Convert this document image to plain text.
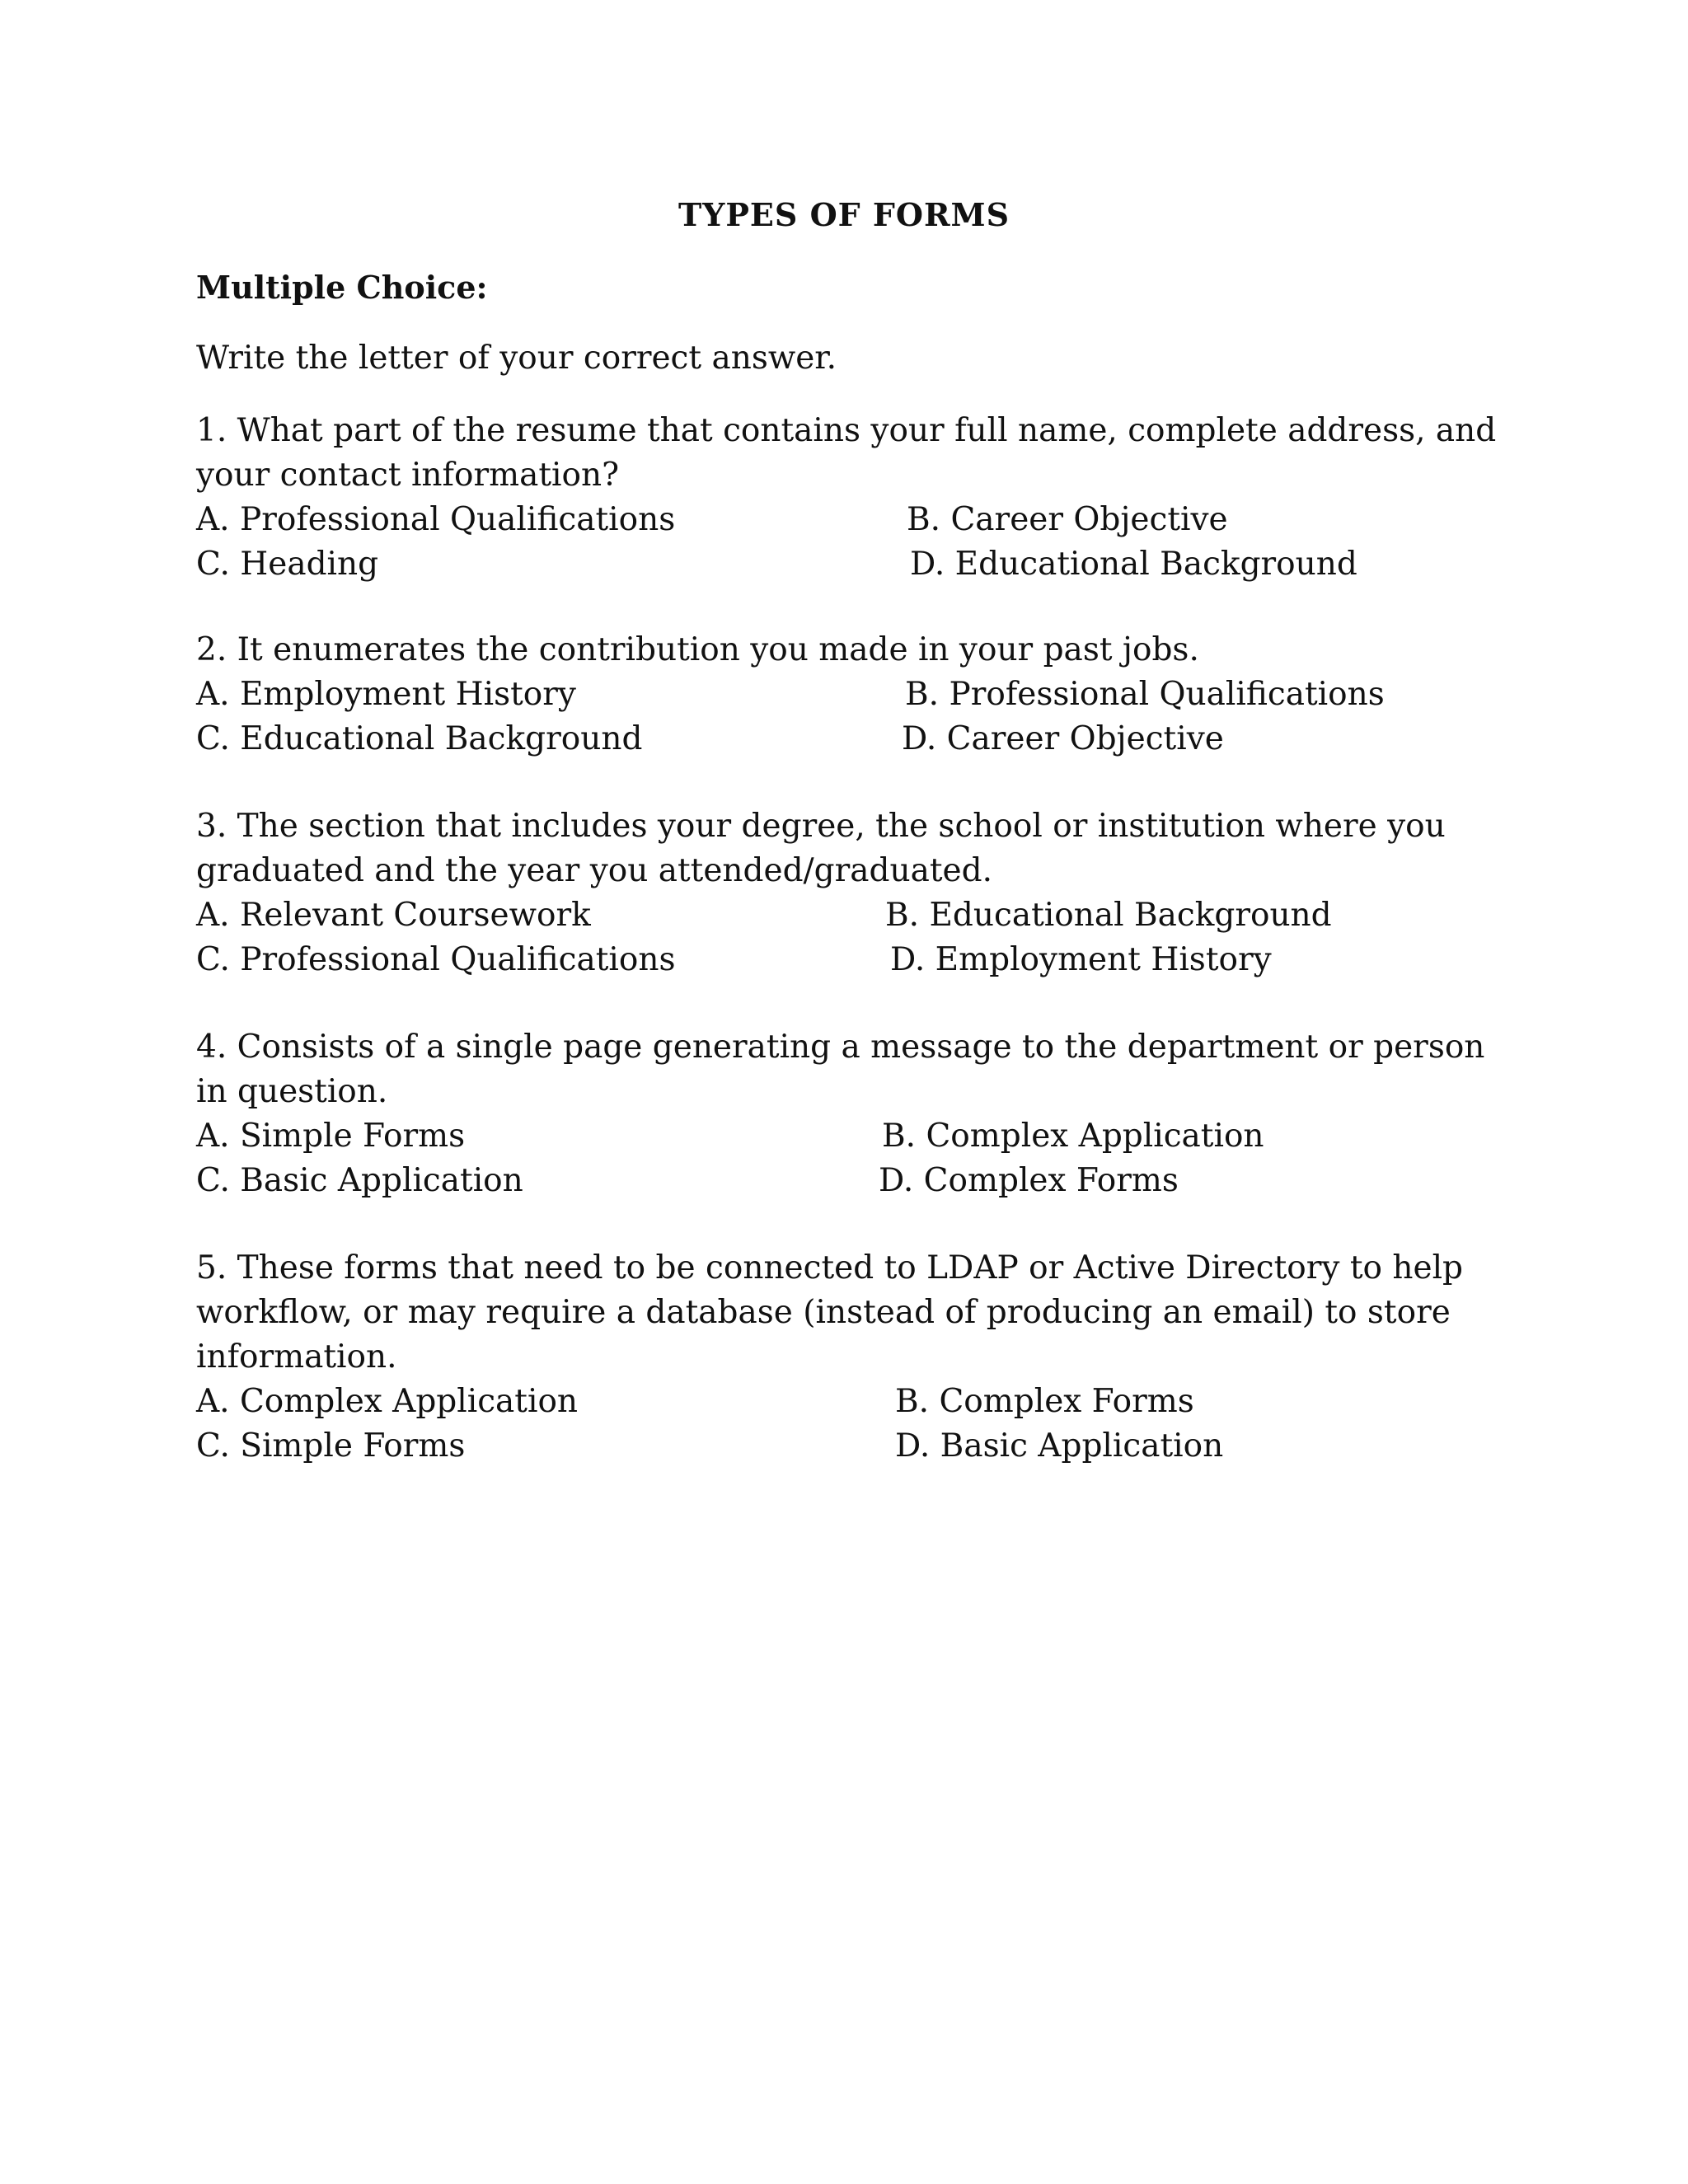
TYPES OF FORMS
Multiple Choice:
Write the letter of your correct answer.

1. What part of the resume that contains your full name, complete address, and your contact information?

A. Professional Qualifications	B. Career Objective
C. Heading	D. Educational Background

2. It enumerates the contribution you made in your past jobs.

A. Employment History	B. Professional Qualifications
C. Educational Background	D. Career Objective

3. The section that includes your degree, the school or institution where you graduated and the year you attended/graduated.

A. Relevant Coursework	B. Educational Background
C. Professional Qualifications	D. Employment History

4. Consists of a single page generating a message to the department or person in question.

A. Simple Forms	B. Complex Application
C. Basic Application	D. Complex Forms

5. These forms that need to be connected to LDAP or Active Directory to help workflow, or may require a database (instead of producing an email) to store information.

A. Complex Application	B. Complex Forms
C. Simple Forms	D. Basic Application
